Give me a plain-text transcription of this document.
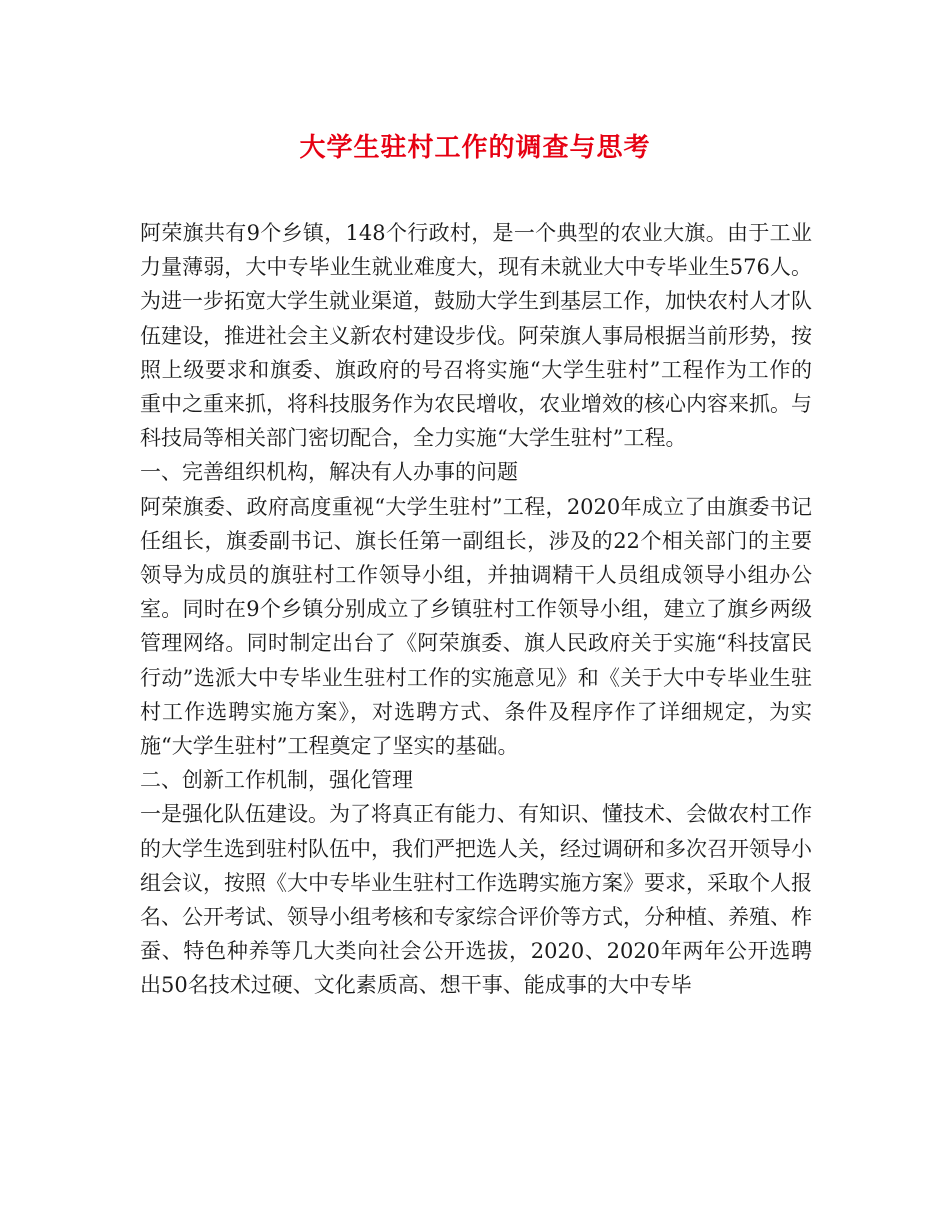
大学生驻村工作的调查与思考

阿荣旗共有9个乡镇，148个行政村，是一个典型的农业大旗。由于工业力量薄弱，大中专毕业生就业难度大，现有未就业大中专毕业生576人。为进一步拓宽大学生就业渠道，鼓励大学生到基层工作，加快农村人才队伍建设，推进社会主义新农村建设步伐。阿荣旗人事局根据当前形势，按照上级要求和旗委、旗政府的号召将实施“大学生驻村”工程作为工作的重中之重来抓，将科技服务作为农民增收，农业增效的核心内容来抓。与科技局等相关部门密切配合，全力实施“大学生驻村”工程。

一、完善组织机构，解决有人办事的问题

阿荣旗委、政府高度重视“大学生驻村”工程，2020年成立了由旗委书记任组长，旗委副书记、旗长任第一副组长，涉及的22个相关部门的主要领导为成员的旗驻村工作领导小组，并抽调精干人员组成领导小组办公室。同时在9个乡镇分别成立了乡镇驻村工作领导小组，建立了旗乡两级管理网络。同时制定出台了《阿荣旗委、旗人民政府关于实施“科技富民行动”选派大中专毕业生驻村工作的实施意见》和《关于大中专毕业生驻村工作选聘实施方案》，对选聘方式、条件及程序作了详细规定，为实施“大学生驻村”工程奠定了坚实的基础。

二、创新工作机制，强化管理

一是强化队伍建设。为了将真正有能力、有知识、懂技术、会做农村工作的大学生选到驻村队伍中，我们严把选人关，经过调研和多次召开领导小组会议，按照《大中专毕业生驻村工作选聘实施方案》要求，采取个人报名、公开考试、领导小组考核和专家综合评价等方式，分种植、养殖、柞蚕、特色种养等几大类向社会公开选拔，2020、2020年两年公开选聘出50名技术过硬、文化素质高、想干事、能成事的大中专毕
